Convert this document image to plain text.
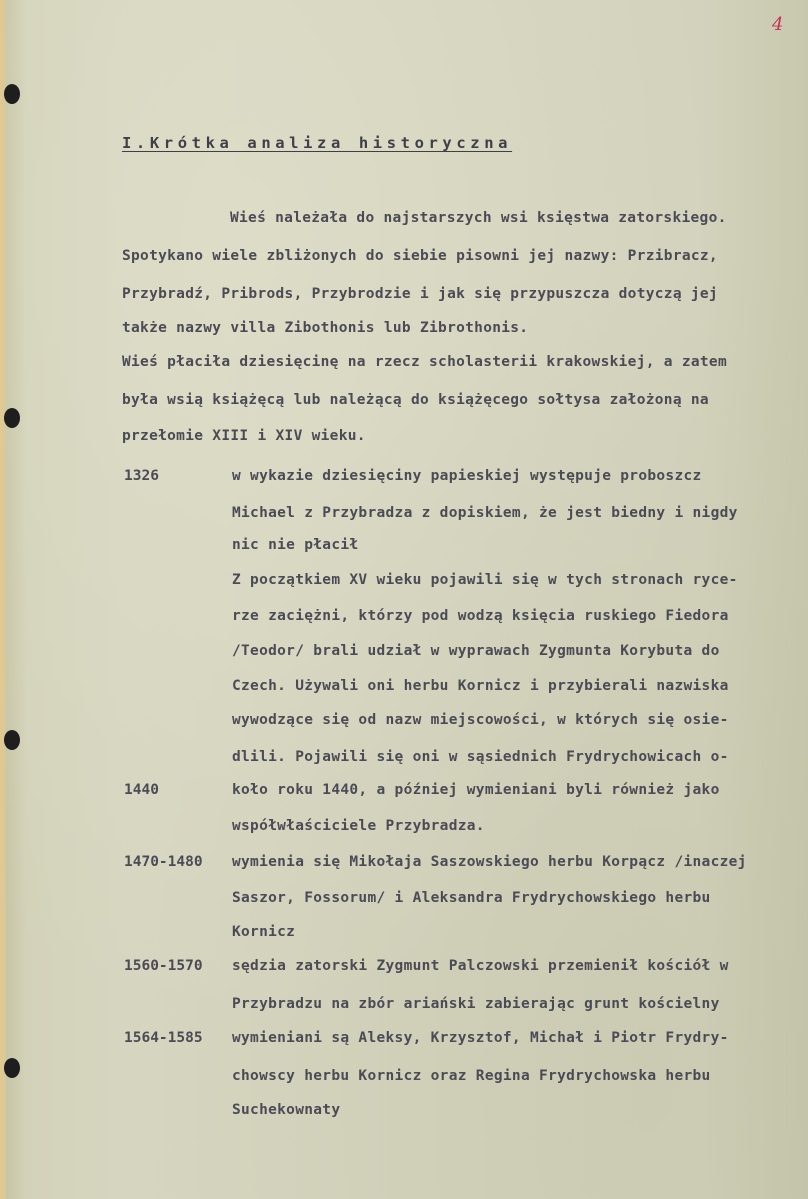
4
I.Krótka analiza historyczna
Wieś należała do najstarszych wsi księstwa zatorskiego.
Spotykano wiele zbliżonych do siebie pisowni jej nazwy: Przibracz,
Przybradź, Pribrods, Przybrodzie i jak się przypuszcza dotyczą jej
także nazwy villa Zibothonis lub Zibrothonis.
Wieś płaciła dziesięcinę na rzecz scholasterii krakowskiej, a zatem
była wsią książęcą lub należącą do książęcego sołtysa założoną na
przełomie XIII i XIV wieku.
1326
1440
1470-1480
1560-1570
1564-1585
w wykazie dziesięciny papieskiej występuje proboszcz
Michael z Przybradza z dopiskiem, że jest biedny i nigdy
nic nie płacił
Z początkiem XV wieku pojawili się w tych stronach ryce-
rze zaciężni, którzy pod wodzą księcia ruskiego Fiedora
/Teodor/ brali udział w wyprawach Zygmunta Korybuta do
Czech. Używali oni herbu Kornicz i przybierali nazwiska
wywodzące się od nazw miejscowości, w których się osie-
dlili. Pojawili się oni w sąsiednich Frydrychowicach o-
koło roku 1440, a później wymieniani byli również jako
współwłaściciele Przybradza.
wymienia się Mikołaja Saszowskiego herbu Korpącz /inaczej
Saszor, Fossorum/ i Aleksandra Frydrychowskiego herbu
Kornicz
sędzia zatorski Zygmunt Palczowski przemienił kościół w
Przybradzu na zbór ariański zabierając grunt kościelny
wymieniani są Aleksy, Krzysztof, Michał i Piotr Frydry-
chowscy herbu Kornicz oraz Regina Frydrychowska herbu
Suchekownaty
